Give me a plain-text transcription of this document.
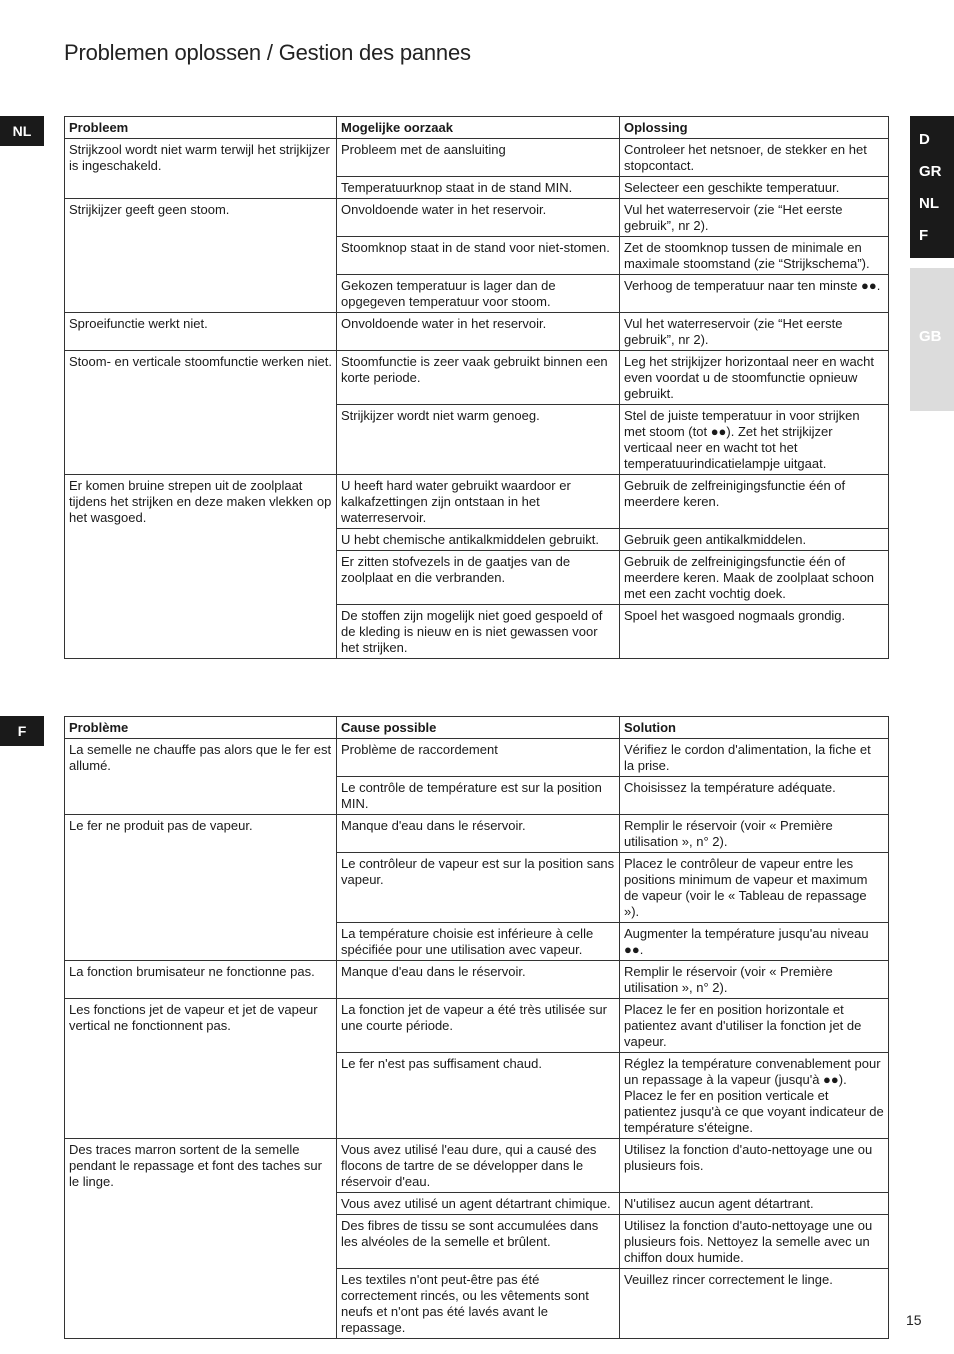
Problemen oplossen / Gestion des pannes
NL
F
D
GR
NL
F
GB
Probleem	Mogelijke oorzaak	Oplossing
Strijkzool wordt niet warm terwijl het strijkijzer is ingeschakeld.	Probleem met de aansluiting	Controleer het netsnoer, de stekker en het stopcontact.
	Temperatuurknop staat in de stand MIN.	Selecteer een geschikte temperatuur.
Strijkijzer geeft geen stoom.	Onvoldoende water in het reservoir.	Vul het waterreservoir (zie “Het eerste gebruik”, nr 2).
	Stoomknop staat in de stand voor niet-stomen.	Zet de stoomknop tussen de minimale en maximale stoomstand (zie “Strijkschema”).
	Gekozen temperatuur is lager dan de opgegeven temperatuur voor stoom.	Verhoog de temperatuur naar ten minste ●●.
Sproeifunctie werkt niet.	Onvoldoende water in het reservoir.	Vul het waterreservoir (zie “Het eerste gebruik”, nr 2).
Stoom- en verticale stoomfunctie werken niet.	Stoomfunctie is zeer vaak gebruikt binnen een korte periode.	Leg het strijkijzer horizontaal neer en wacht even voordat u de stoomfunctie opnieuw gebruikt.
	Strijkijzer wordt niet warm genoeg.	Stel de juiste temperatuur in voor strijken met stoom (tot ●●). Zet het strijkijzer verticaal neer en wacht tot het temperatuurindicatielampje uitgaat.
Er komen bruine strepen uit de zoolplaat tijdens het strijken en deze maken vlekken op het wasgoed.	U heeft hard water gebruikt waardoor er kalkafzettingen zijn ontstaan in het waterreservoir.	Gebruik de zelfreinigingsfunctie één of meerdere keren.
	U hebt chemische antikalkmiddelen gebruikt.	Gebruik geen antikalkmiddelen.
	Er zitten stofvezels in de gaatjes van de zoolplaat en die verbranden.	Gebruik de zelfreinigingsfunctie één of meerdere keren. Maak de zoolplaat schoon met een zacht vochtig doek.
	De stoffen zijn mogelijk niet goed gespoeld of de kleding is nieuw en is niet gewassen voor het strijken.	Spoel het wasgoed nogmaals grondig.
Problème	Cause possible	Solution
La semelle ne chauffe pas alors que le fer est allumé.	Problème de raccordement	Vérifiez le cordon d'alimentation, la fiche et la prise.
	Le contrôle de température est sur la position MIN.	Choisissez la température adéquate.
Le fer ne produit pas de vapeur.	Manque d'eau dans le réservoir.	Remplir le réservoir (voir « Première utilisation », n° 2).
	Le contrôleur de vapeur est sur la position sans vapeur.	Placez le contrôleur de vapeur entre les positions minimum de vapeur et maximum de vapeur (voir le « Tableau de repassage »).
	La température choisie est inférieure à celle spécifiée pour une utilisation avec vapeur.	Augmenter la température jusqu'au niveau ●●.
La fonction brumisateur ne fonctionne pas.	Manque d'eau dans le réservoir.	Remplir le réservoir (voir « Première utilisation », n° 2).
Les fonctions jet de vapeur et jet de vapeur vertical ne fonctionnent pas.	La fonction jet de vapeur a été très utilisée sur une courte période.	Placez le fer en position horizontale et patientez avant d'utiliser la fonction jet de vapeur.
	Le fer n'est pas suffisament chaud.	Réglez la température convenablement pour un repassage à la vapeur (jusqu'à ●●). Placez le fer en position verticale et patientez jusqu'à ce que voyant indicateur de température s'éteigne.
Des traces marron sortent de la semelle pendant le repassage et font des taches sur le linge.	Vous avez utilisé l'eau dure, qui a causé des flocons de tartre de se développer dans le réservoir d'eau.	Utilisez la fonction d'auto-nettoyage une ou plusieurs fois.
	Vous avez utilisé un agent détartrant chimique.	N'utilisez aucun agent détartrant.
	Des fibres de tissu se sont accumulées dans les alvéoles de la semelle et brûlent.	Utilisez la fonction d'auto-nettoyage une ou plusieurs fois. Nettoyez la semelle avec un chiffon doux humide.
	Les textiles n'ont peut-être pas été correctement rincés, ou les vêtements sont neufs et n'ont pas été lavés avant le repassage.	Veuillez rincer correctement le linge.
15
